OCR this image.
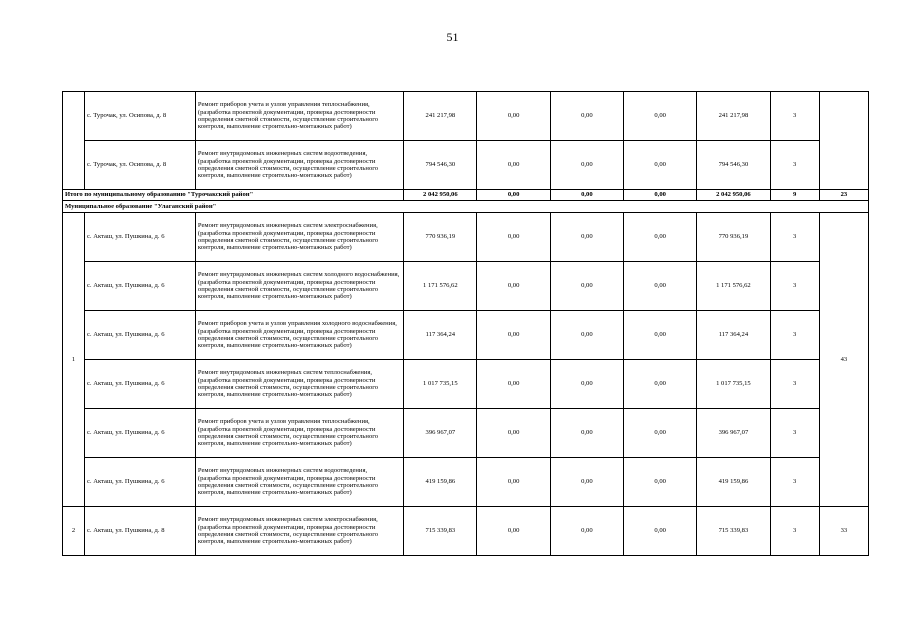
51
	с. Турочак, ул. Осипова, д. 8	Ремонт приборов учета и узлов управления теплоснабжения, (разработка проектной документации, проверка достоверности определения сметной стоимости, осуществление строительного контроля, выполнение строительно-монтажных работ)	241 217,98	0,00	0,00	0,00	241 217,98	3	
	с. Турочак, ул. Осипова, д. 8	Ремонт внутридомовых инженерных систем водоотведения, (разработка проектной документации, проверка достоверности определения сметной стоимости, осуществление строительного контроля, выполнение строительно-монтажных работ)	794 546,30	0,00	0,00	0,00	794 546,30	3	
Итого по муниципальному образованию "Турочакский район"			2 042 950,06	0,00	0,00	0,00	2 042 950,06	9	23
Муниципальное образование "Улаганский район"									
1	с. Акташ, ул. Пушкина, д. 6	Ремонт внутридомовых инженерных систем электроснабжения, (разработка проектной документации, проверка достоверности определения сметной стоимости, осуществление строительного контроля, выполнение строительно-монтажных работ)	770 936,19	0,00	0,00	0,00	770 936,19	3	43
	с. Акташ, ул. Пушкина, д. 6	Ремонт внутридомовых инженерных систем холодного водоснабжения, (разработка проектной документации, проверка достоверности определения сметной стоимости, осуществление строительного контроля, выполнение строительно-монтажных работ)	1 171 576,62	0,00	0,00	0,00	1 171 576,62	3	
	с. Акташ, ул. Пушкина, д. 6	Ремонт приборов учета и узлов управления холодного водоснабжения, (разработка проектной документации, проверка достоверности определения сметной стоимости, осуществление строительного контроля, выполнение строительно-монтажных работ)	117 364,24	0,00	0,00	0,00	117 364,24	3	
	с. Акташ, ул. Пушкина, д. 6	Ремонт внутридомовых инженерных систем теплоснабжения, (разработка проектной документации, проверка достоверности определения сметной стоимости, осуществление строительного контроля, выполнение строительно-монтажных работ)	1 017 735,15	0,00	0,00	0,00	1 017 735,15	3	
	с. Акташ, ул. Пушкина, д. 6	Ремонт приборов учета и узлов управления теплоснабжения, (разработка проектной документации, проверка достоверности определения сметной стоимости, осуществление строительного контроля, выполнение строительно-монтажных работ)	396 967,07	0,00	0,00	0,00	396 967,07	3	
	с. Акташ, ул. Пушкина, д. 6	Ремонт внутридомовых инженерных систем водоотведения, (разработка проектной документации, проверка достоверности определения сметной стоимости, осуществление строительного контроля, выполнение строительно-монтажных работ)	419 159,86	0,00	0,00	0,00	419 159,86	3	
2	с. Акташ, ул. Пушкина, д. 8	Ремонт внутридомовых инженерных систем электроснабжения, (разработка проектной документации, проверка достоверности определения сметной стоимости, осуществление строительного контроля, выполнение строительно-монтажных работ)	715 339,83	0,00	0,00	0,00	715 339,83	3	33
